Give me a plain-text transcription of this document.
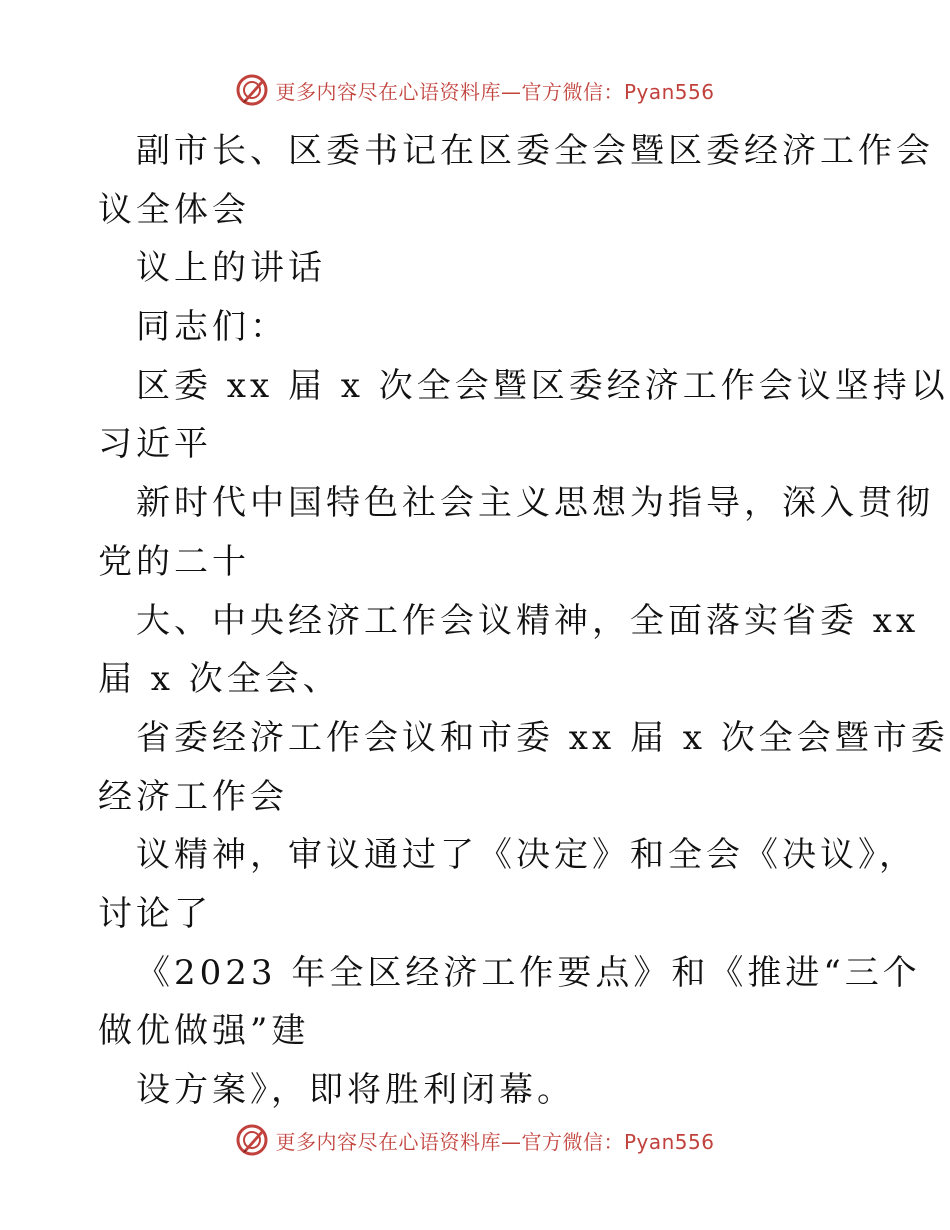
更多内容尽在心语资料库—官方微信：Pyan556
副市长、区委书记在区委全会暨区委经济工作会
议全体会
议上的讲话
同志们：
区委 xx 届 x 次全会暨区委经济工作会议坚持以
习近平
新时代中国特色社会主义思想为指导，深入贯彻
党的二十
大、中央经济工作会议精神，全面落实省委 xx
届 x 次全会、
省委经济工作会议和市委 xx 届 x 次全会暨市委
经济工作会
议精神，审议通过了《决定》和全会《决议》，
讨论了
《2023 年全区经济工作要点》和《推进“三个
做优做强”建
设方案》，即将胜利闭幕。
更多内容尽在心语资料库—官方微信：Pyan556
